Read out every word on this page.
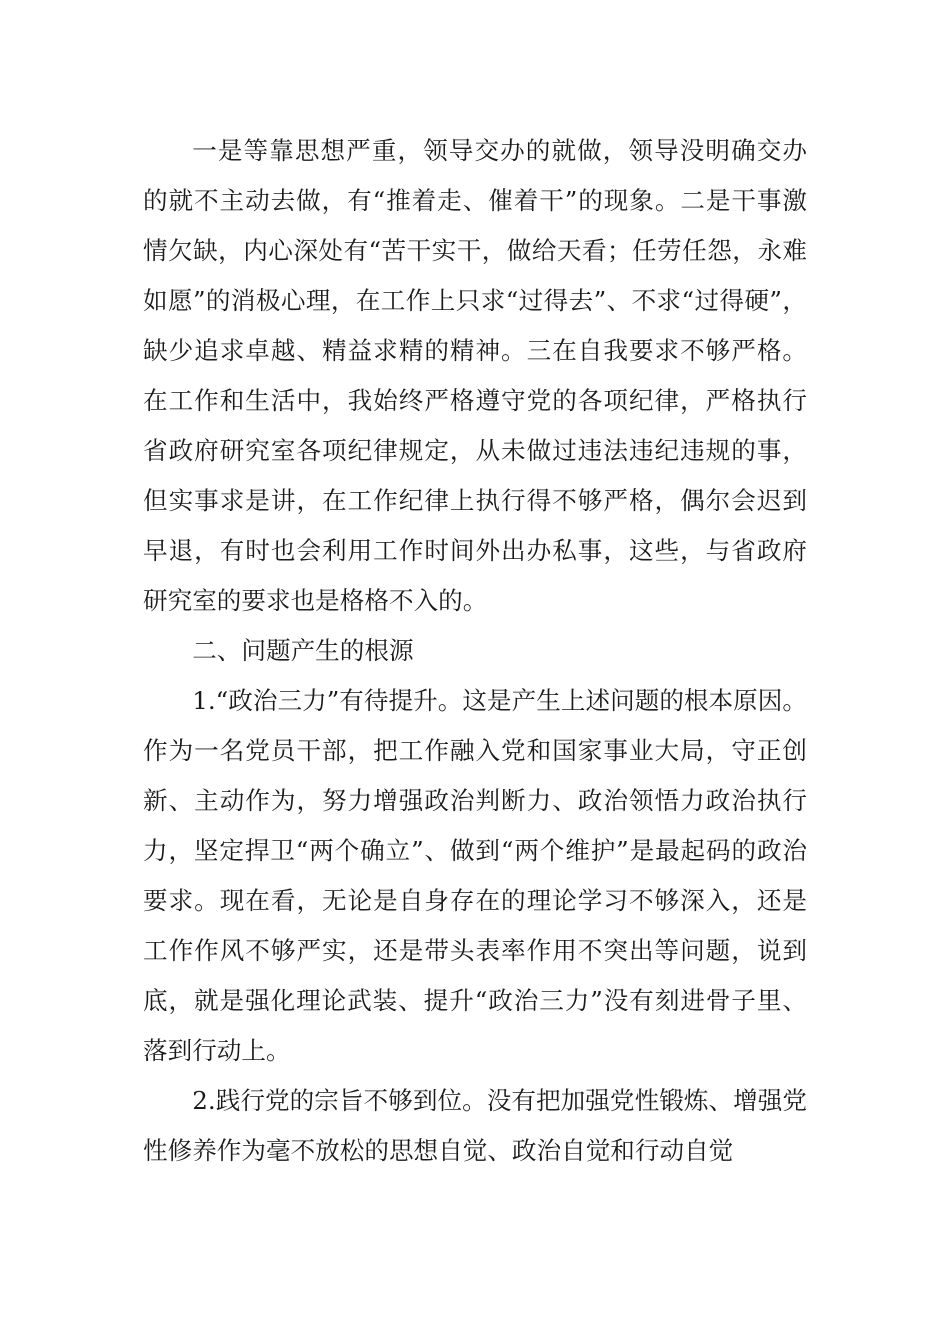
一是等靠思想严重，领导交办的就做，领导没明确交办的就不主动去做，有“推着走、催着干”的现象。二是干事激情欠缺，内心深处有“苦干实干，做给天看；任劳任怨，永难如愿”的消极心理，在工作上只求“过得去”、不求“过得硬”，缺少追求卓越、精益求精的精神。三在自我要求不够严格。在工作和生活中，我始终严格遵守党的各项纪律，严格执行省政府研究室各项纪律规定，从未做过违法违纪违规的事，但实事求是讲，在工作纪律上执行得不够严格，偶尔会迟到早退，有时也会利用工作时间外出办私事，这些，与省政府研究室的要求也是格格不入的。

二、问题产生的根源

1.“政治三力”有待提升。这是产生上述问题的根本原因。作为一名党员干部，把工作融入党和国家事业大局，守正创新、主动作为，努力增强政治判断力、政治领悟力政治执行力，坚定捍卫“两个确立”、做到“两个维护”是最起码的政治要求。现在看，无论是自身存在的理论学习不够深入，还是工作作风不够严实，还是带头表率作用不突出等问题，说到底，就是强化理论武装、提升“政治三力”没有刻进骨子里、落到行动上。

2.践行党的宗旨不够到位。没有把加强党性锻炼、增强党性修养作为毫不放松的思想自觉、政治自觉和行动自觉
